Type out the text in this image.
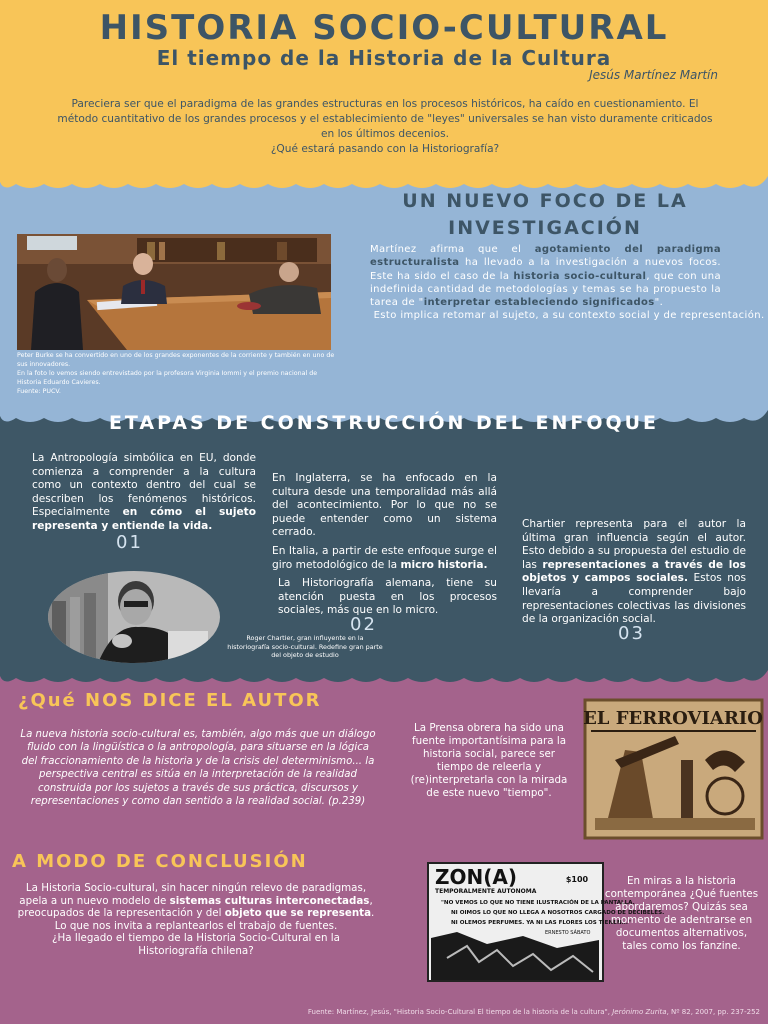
HISTORIA SOCIO-CULTURAL
El tiempo de la Historia de la Cultura
Jesús Martínez Martín
Pareciera ser que el paradigma de las grandes estructuras en los procesos históricos, ha caído en cuestionamiento. El método cuantitativo de los grandes procesos y el establecimiento de "leyes" universales se han visto duramente criticados en los últimos decenios.
¿Qué estará pasando con la Historiografía?
UN NUEVO FOCO DE LA
INVESTIGACIÓN
Peter Burke se ha convertido en uno de los grandes exponentes de la corriente y también en uno de sus innovadores.
En la foto lo vemos siendo entrevistado por la profesora Virginia Iommi y el premio nacional de Historia Eduardo Cavieres.
Fuente: PUCV.
Martínez afirma que el agotamiento del paradigma estructuralista ha llevado a la investigación a nuevos focos. Este ha sido el caso de la historia socio-cultural, que con una indefinida cantidad de metodologías y temas se ha propuesto la tarea de "interpretar estableciendo significados".
Esto implica retomar al sujeto, a su contexto social y de representación.
ETAPAS DE CONSTRUCCIÓN DEL ENFOQUE
La Antropología simbólica en EU, donde comienza a comprender a la cultura como un contexto dentro del cual se describen los fenómenos históricos. Especialmente en cómo el sujeto representa y entiende la vida.
01
En Inglaterra, se ha enfocado en la cultura desde una temporalidad más allá del acontecimiento. Por lo que no se puede entender como un sistema cerrado.
En Italia, a partir de este enfoque surge el giro metodológico de la micro historia.
La Historiografía alemana, tiene su atención puesta en los procesos sociales, más que en lo micro.
02
Roger Chartier, gran influyente en la historiografía socio-cultural. Redefine gran parte del objeto de estudio
Chartier representa para el autor la última gran influencia según el autor. Esto debido a su propuesta del estudio de las representaciones a través de los objetos y campos sociales. Estos nos llevaría a comprender bajo representaciones colectivas las divisiones de la organización social.
03
¿Qué NOS DICE EL AUTOR
La nueva historia socio-cultural es, también, algo más que un diálogo fluido con la lingüística o la antropología, para situarse en la lógica del fraccionamiento de la historia y de la crisis del determinismo... la perspectiva central es sitúa en la interpretación de la realidad construida por los sujetos a través de sus práctica, discursos y representaciones y como dan sentido a la realidad social. (p.239)
La Prensa obrera ha sido una fuente importantísima para la historia social, parece ser tiempo de releerla y (re)interpretarla con la mirada de este nuevo "tiempo".
EL FERROVIARIO
A MODO DE CONCLUSIÓN
La Historia Socio-cultural, sin hacer ningún relevo de paradigmas, apela a un nuevo modelo de sistemas culturas interconectadas, preocupados de la representación y del objeto que se representa. Lo que nos invita a replantearlos el trabajo de fuentes.
¿Ha llegado el tiempo de la Historia Socio-Cultural en la Historiografía chilena?
ZON(A)
TEMPORALMENTE AUTONOMA
$100
"NO VEMOS LO QUE NO TIENE ILUSTRACIÓN DE LA PANTALLA.
NI OIMOS LO QUE NO LLEGA A NOSOTROS CARGADO DE DECIBELES.
NI OLEMOS PERFUMES. YA NI LAS FLORES LOS TIENEN..."
ERNESTO SÁBATO
En miras a la historia contemporánea ¿Qué fuentes abordaremos? Quizás sea momento de adentrarse en documentos alternativos, tales como los fanzine.
Fuente: Martínez, Jesús, "Historia Socio-Cultural El tiempo de la historia de la cultura", Jerónimo Zurita, Nº 82, 2007, pp. 237-252
